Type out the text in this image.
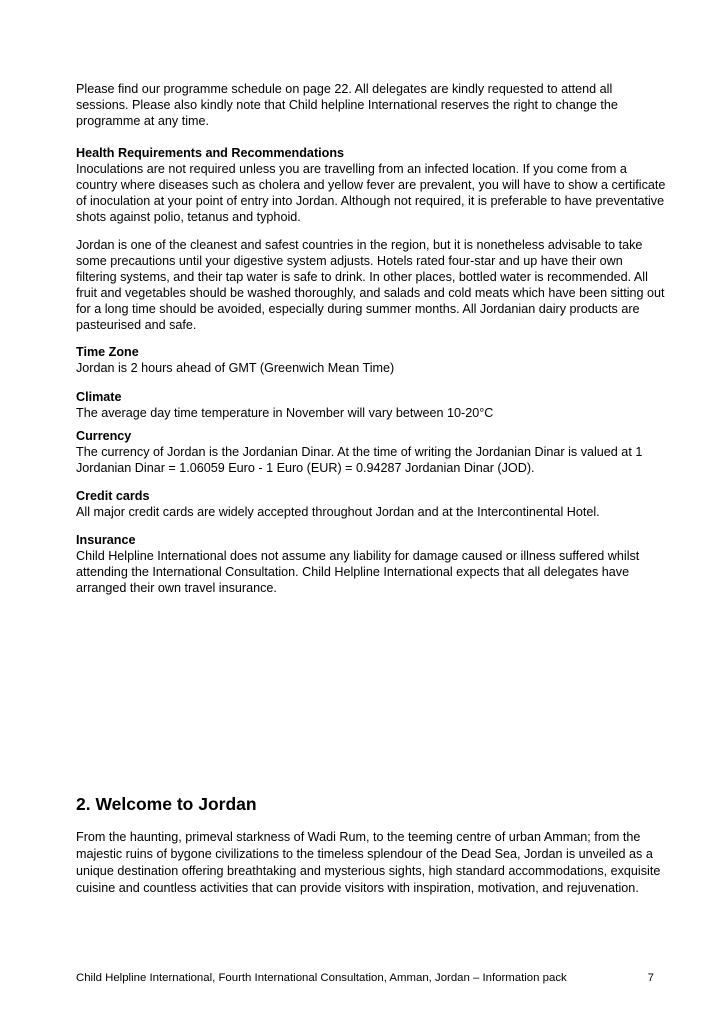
Please find our programme schedule on page 22. All delegates are kindly requested to attend all sessions. Please also kindly note that Child helpline International reserves the right to change the programme at any time.

Health Requirements and Recommendations
Inoculations are not required unless you are travelling from an infected location. If you come from a country where diseases such as cholera and yellow fever are prevalent, you will have to show a certificate of inoculation at your point of entry into Jordan. Although not required, it is preferable to have preventative shots against polio, tetanus and typhoid.

Jordan is one of the cleanest and safest countries in the region, but it is nonetheless advisable to take some precautions until your digestive system adjusts. Hotels rated four-star and up have their own filtering systems, and their tap water is safe to drink. In other places, bottled water is recommended. All fruit and vegetables should be washed thoroughly, and salads and cold meats which have been sitting out for a long time should be avoided, especially during summer months. All Jordanian dairy products are pasteurised and safe.

Time Zone
Jordan is 2 hours ahead of GMT (Greenwich Mean Time)
Climate
The average day time temperature in November will vary between 10-20°C
Currency
The currency of Jordan is the Jordanian Dinar. At the time of writing the Jordanian Dinar is valued at 1 Jordanian Dinar = 1.06059 Euro - 1 Euro (EUR) = 0.94287 Jordanian Dinar (JOD).
Credit cards
All major credit cards are widely accepted throughout Jordan and at the Intercontinental Hotel.
Insurance
Child Helpline International does not assume any liability for damage caused or illness suffered whilst attending the International Consultation. Child Helpline International expects that all delegates have arranged their own travel insurance.
2. Welcome to Jordan

From the haunting, primeval starkness of Wadi Rum, to the teeming centre of urban Amman; from the majestic ruins of bygone civilizations to the timeless splendour of the Dead Sea, Jordan is unveiled as a unique destination offering breathtaking and mysterious sights, high standard accommodations, exquisite cuisine and countless activities that can provide visitors with inspiration, motivation, and rejuvenation.

Child Helpline International, Fourth International Consultation, Amman, Jordan – Information pack	7
